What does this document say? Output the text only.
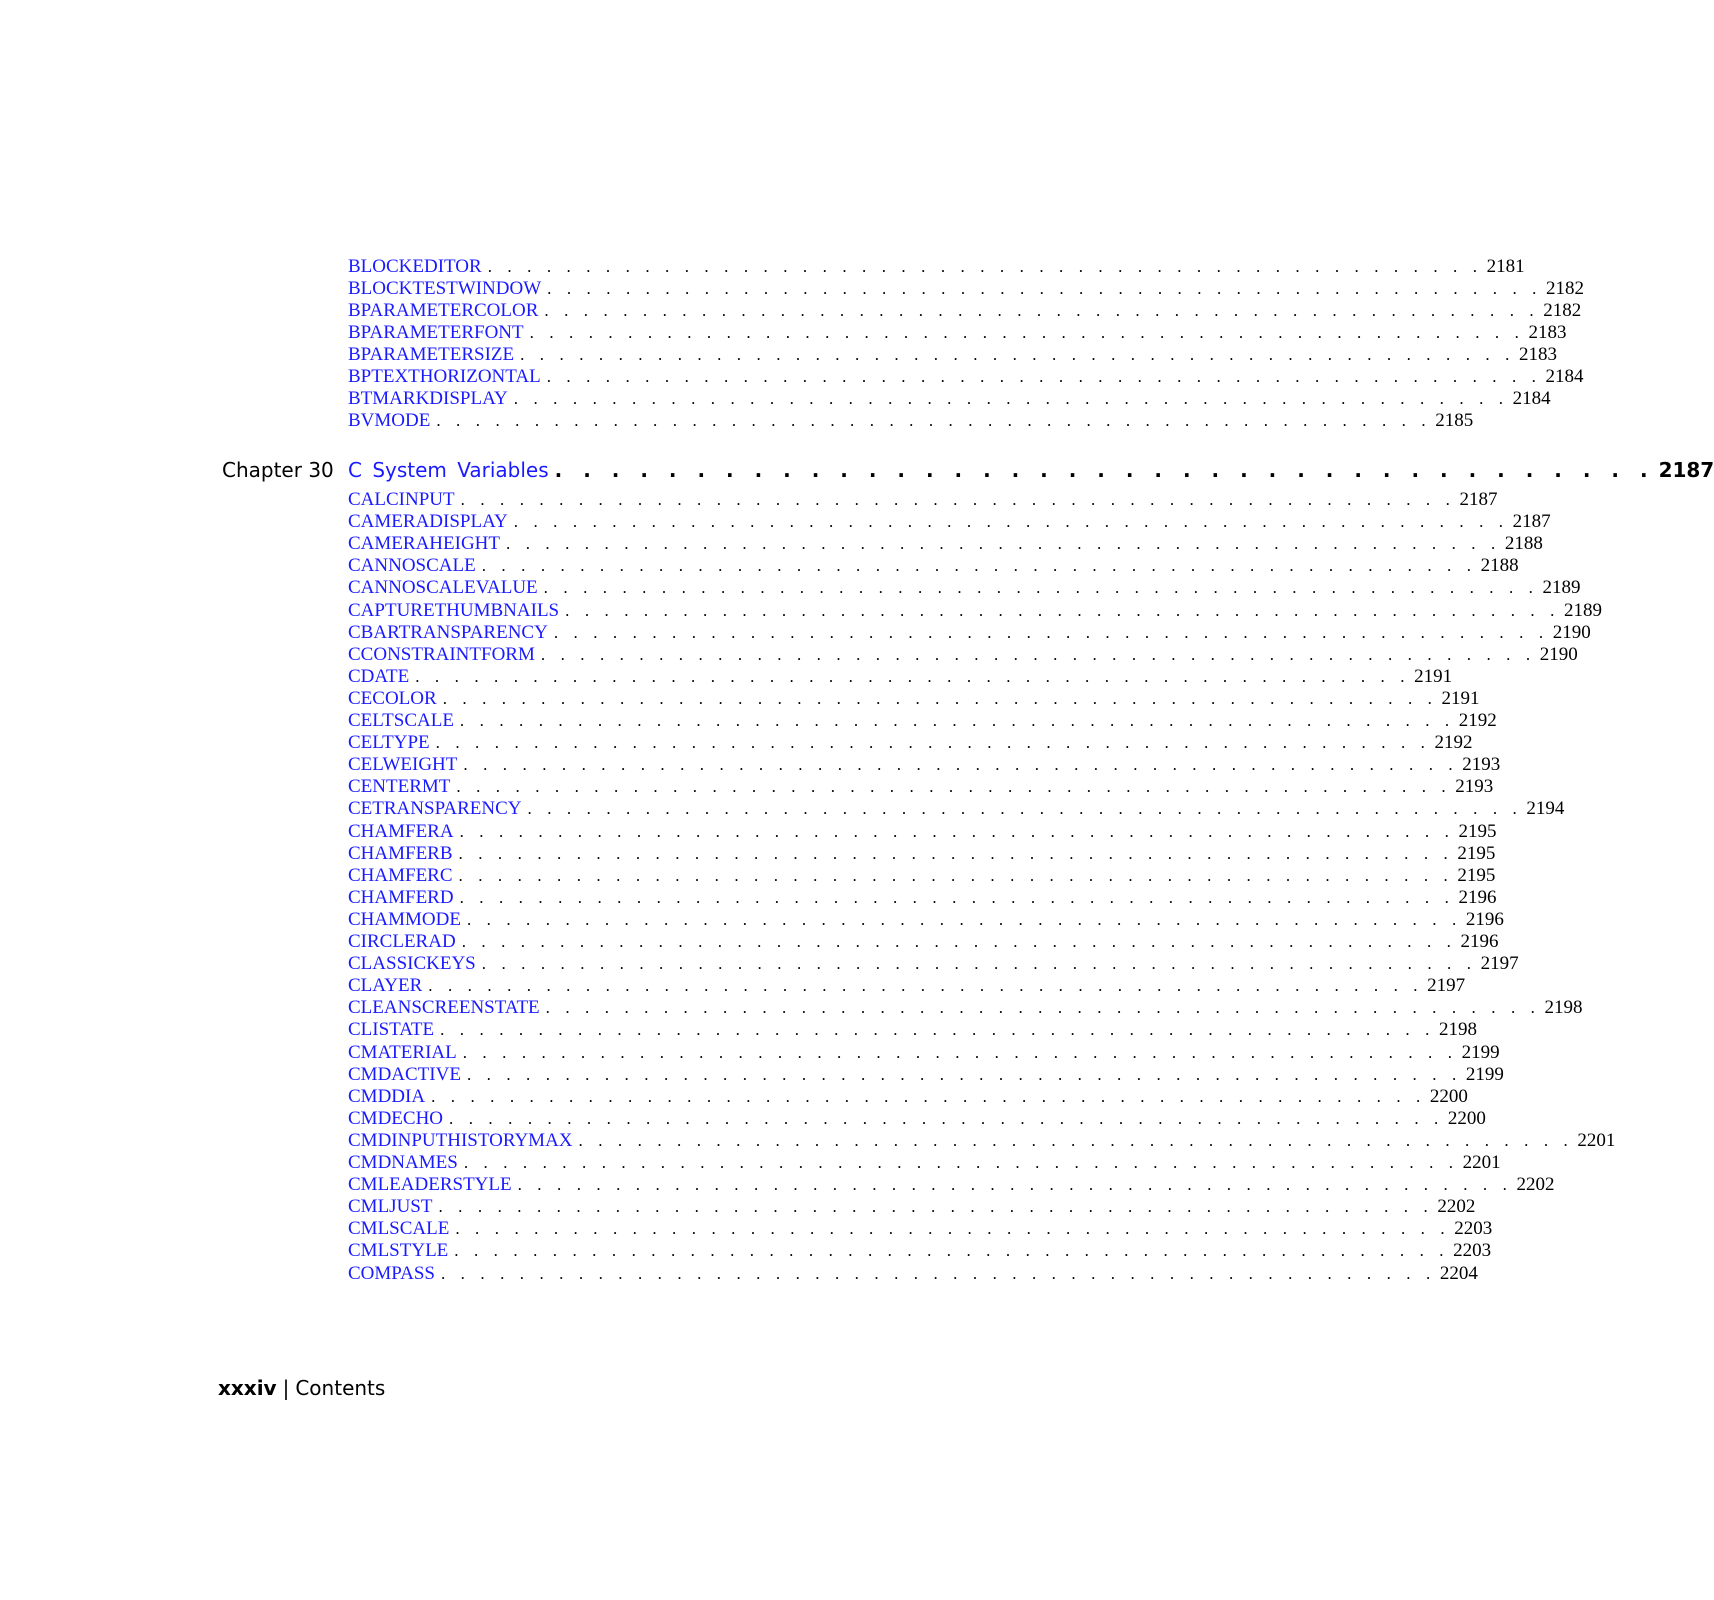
BLOCKEDITOR . . . . . . . . . . . . . . . . . . . . . . . . . . . . . . . . . . . . . . . . . . . . . . . . . . . 2181
BLOCKTESTWINDOW . . . . . . . . . . . . . . . . . . . . . . . . . . . . . . . . . . . . . . . . . . . . . . . . . . . 2182
BPARAMETERCOLOR . . . . . . . . . . . . . . . . . . . . . . . . . . . . . . . . . . . . . . . . . . . . . . . . . . . 2182
BPARAMETERFONT . . . . . . . . . . . . . . . . . . . . . . . . . . . . . . . . . . . . . . . . . . . . . . . . . . . 2183
BPARAMETERSIZE . . . . . . . . . . . . . . . . . . . . . . . . . . . . . . . . . . . . . . . . . . . . . . . . . . . 2183
BPTEXTHORIZONTAL . . . . . . . . . . . . . . . . . . . . . . . . . . . . . . . . . . . . . . . . . . . . . . . . . . . 2184
BTMARKDISPLAY . . . . . . . . . . . . . . . . . . . . . . . . . . . . . . . . . . . . . . . . . . . . . . . . . . . 2184
BVMODE . . . . . . . . . . . . . . . . . . . . . . . . . . . . . . . . . . . . . . . . . . . . . . . . . . . 2185
Chapter 30 C System Variables . . . . . . . . . . . . . . . . . . . . . . . . . . . . . . . . . . . . . . . 2187
CALCINPUT . . . . . . . . . . . . . . . . . . . . . . . . . . . . . . . . . . . . . . . . . . . . . . . . . . . 2187
CAMERADISPLAY . . . . . . . . . . . . . . . . . . . . . . . . . . . . . . . . . . . . . . . . . . . . . . . . . . . 2187
CAMERAHEIGHT . . . . . . . . . . . . . . . . . . . . . . . . . . . . . . . . . . . . . . . . . . . . . . . . . . . 2188
CANNOSCALE . . . . . . . . . . . . . . . . . . . . . . . . . . . . . . . . . . . . . . . . . . . . . . . . . . . 2188
CANNOSCALEVALUE . . . . . . . . . . . . . . . . . . . . . . . . . . . . . . . . . . . . . . . . . . . . . . . . . . . 2189
CAPTURETHUMBNAILS . . . . . . . . . . . . . . . . . . . . . . . . . . . . . . . . . . . . . . . . . . . . . . . . . . . 2189
CBARTRANSPARENCY . . . . . . . . . . . . . . . . . . . . . . . . . . . . . . . . . . . . . . . . . . . . . . . . . . . 2190
CCONSTRAINTFORM . . . . . . . . . . . . . . . . . . . . . . . . . . . . . . . . . . . . . . . . . . . . . . . . . . . 2190
CDATE . . . . . . . . . . . . . . . . . . . . . . . . . . . . . . . . . . . . . . . . . . . . . . . . . . . 2191
CECOLOR . . . . . . . . . . . . . . . . . . . . . . . . . . . . . . . . . . . . . . . . . . . . . . . . . . . 2191
CELTSCALE . . . . . . . . . . . . . . . . . . . . . . . . . . . . . . . . . . . . . . . . . . . . . . . . . . . 2192
CELTYPE . . . . . . . . . . . . . . . . . . . . . . . . . . . . . . . . . . . . . . . . . . . . . . . . . . . 2192
CELWEIGHT . . . . . . . . . . . . . . . . . . . . . . . . . . . . . . . . . . . . . . . . . . . . . . . . . . . 2193
CENTERMT . . . . . . . . . . . . . . . . . . . . . . . . . . . . . . . . . . . . . . . . . . . . . . . . . . . 2193
CETRANSPARENCY . . . . . . . . . . . . . . . . . . . . . . . . . . . . . . . . . . . . . . . . . . . . . . . . . . . 2194
CHAMFERA . . . . . . . . . . . . . . . . . . . . . . . . . . . . . . . . . . . . . . . . . . . . . . . . . . . 2195
CHAMFERB . . . . . . . . . . . . . . . . . . . . . . . . . . . . . . . . . . . . . . . . . . . . . . . . . . . 2195
CHAMFERC . . . . . . . . . . . . . . . . . . . . . . . . . . . . . . . . . . . . . . . . . . . . . . . . . . . 2195
CHAMFERD . . . . . . . . . . . . . . . . . . . . . . . . . . . . . . . . . . . . . . . . . . . . . . . . . . . 2196
CHAMMODE . . . . . . . . . . . . . . . . . . . . . . . . . . . . . . . . . . . . . . . . . . . . . . . . . . . 2196
CIRCLERAD . . . . . . . . . . . . . . . . . . . . . . . . . . . . . . . . . . . . . . . . . . . . . . . . . . . 2196
CLASSICKEYS . . . . . . . . . . . . . . . . . . . . . . . . . . . . . . . . . . . . . . . . . . . . . . . . . . . 2197
CLAYER . . . . . . . . . . . . . . . . . . . . . . . . . . . . . . . . . . . . . . . . . . . . . . . . . . . 2197
CLEANSCREENSTATE . . . . . . . . . . . . . . . . . . . . . . . . . . . . . . . . . . . . . . . . . . . . . . . . . . . 2198
CLISTATE . . . . . . . . . . . . . . . . . . . . . . . . . . . . . . . . . . . . . . . . . . . . . . . . . . . 2198
CMATERIAL . . . . . . . . . . . . . . . . . . . . . . . . . . . . . . . . . . . . . . . . . . . . . . . . . . . 2199
CMDACTIVE . . . . . . . . . . . . . . . . . . . . . . . . . . . . . . . . . . . . . . . . . . . . . . . . . . . 2199
CMDDIA . . . . . . . . . . . . . . . . . . . . . . . . . . . . . . . . . . . . . . . . . . . . . . . . . . . 2200
CMDECHO . . . . . . . . . . . . . . . . . . . . . . . . . . . . . . . . . . . . . . . . . . . . . . . . . . . 2200
CMDINPUTHISTORYMAX . . . . . . . . . . . . . . . . . . . . . . . . . . . . . . . . . . . . . . . . . . . . . . . . . . . 2201
CMDNAMES . . . . . . . . . . . . . . . . . . . . . . . . . . . . . . . . . . . . . . . . . . . . . . . . . . . 2201
CMLEADERSTYLE . . . . . . . . . . . . . . . . . . . . . . . . . . . . . . . . . . . . . . . . . . . . . . . . . . . 2202
CMLJUST . . . . . . . . . . . . . . . . . . . . . . . . . . . . . . . . . . . . . . . . . . . . . . . . . . . 2202
CMLSCALE . . . . . . . . . . . . . . . . . . . . . . . . . . . . . . . . . . . . . . . . . . . . . . . . . . . 2203
CMLSTYLE . . . . . . . . . . . . . . . . . . . . . . . . . . . . . . . . . . . . . . . . . . . . . . . . . . . 2203
COMPASS . . . . . . . . . . . . . . . . . . . . . . . . . . . . . . . . . . . . . . . . . . . . . . . . . . . 2204
xxxiv | Contents
